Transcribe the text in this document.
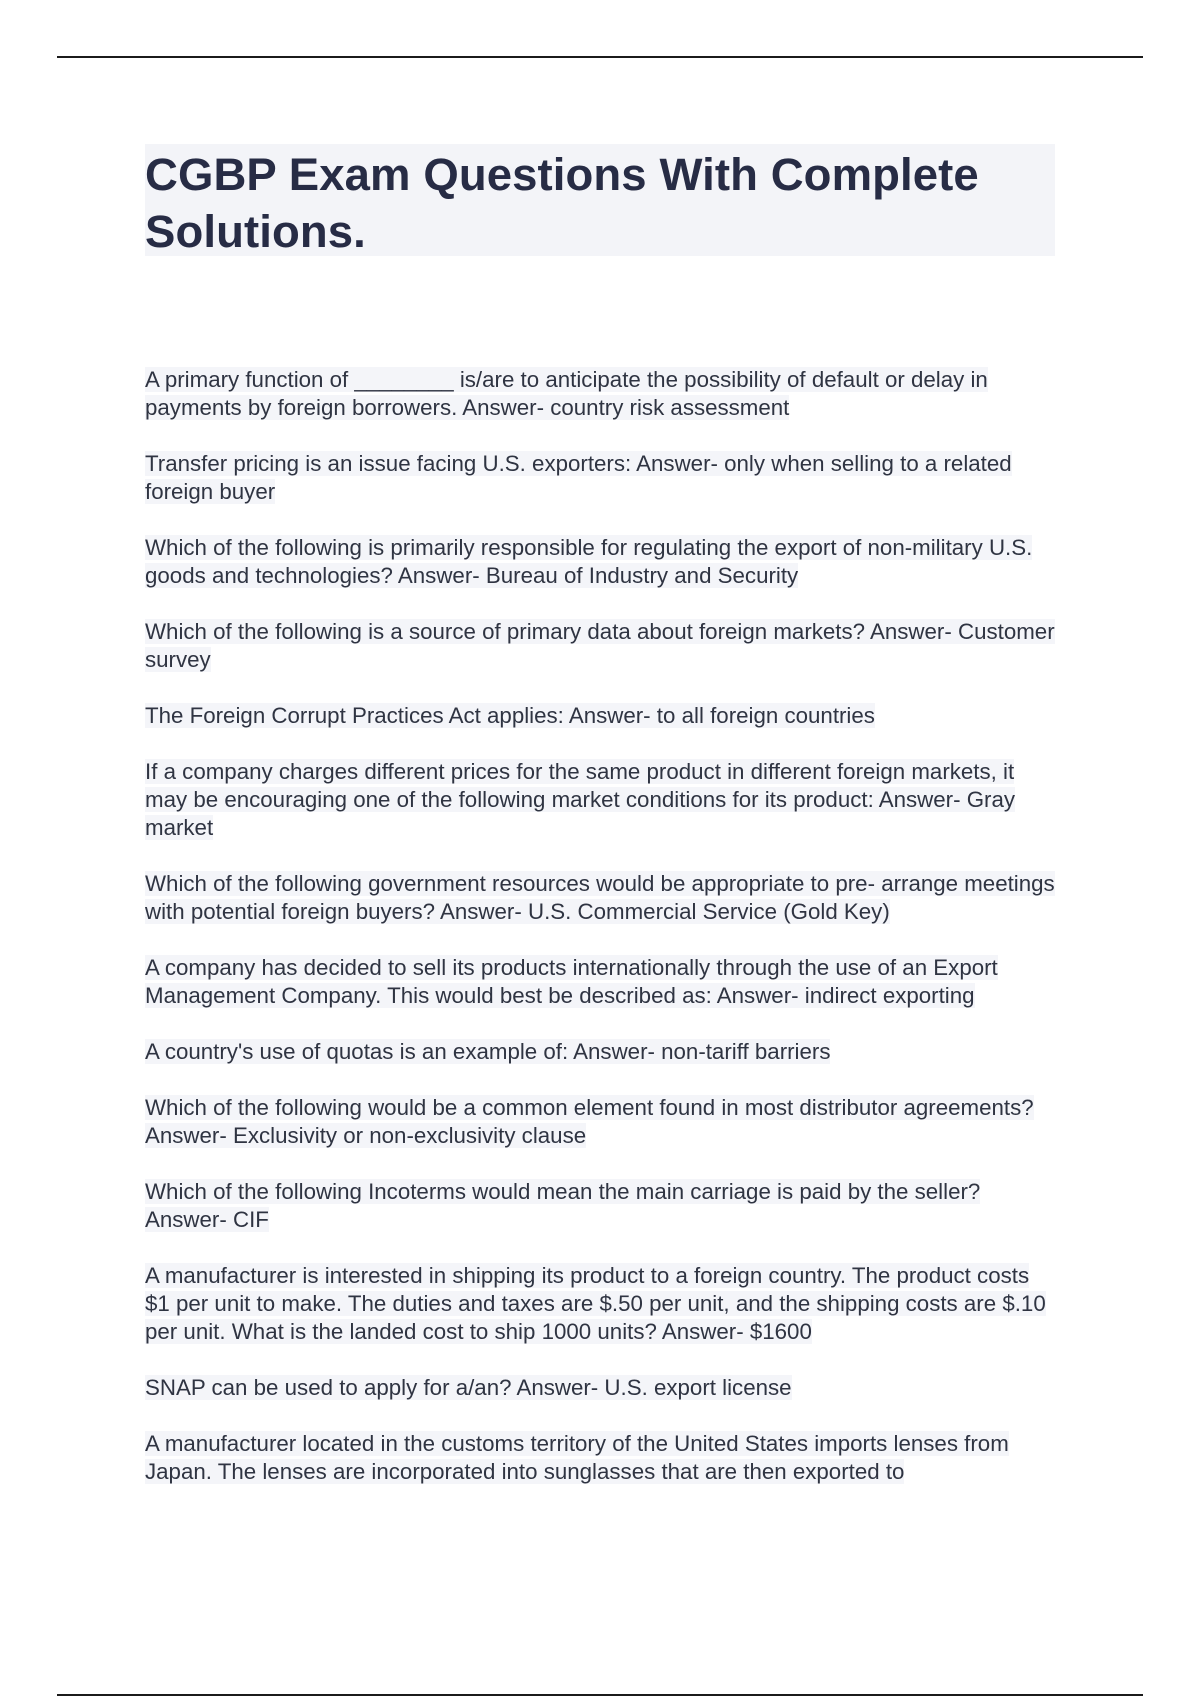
CGBP Exam Questions With Complete Solutions.
A primary function of ________ is/are to anticipate the possibility of default or delay in payments by foreign borrowers. Answer- country risk assessment
Transfer pricing is an issue facing U.S. exporters: Answer- only when selling to a related foreign buyer
Which of the following is primarily responsible for regulating the export of non-military U.S. goods and technologies? Answer- Bureau of Industry and Security
Which of the following is a source of primary data about foreign markets? Answer- Customer survey
The Foreign Corrupt Practices Act applies: Answer- to all foreign countries
If a company charges different prices for the same product in different foreign markets, it may be encouraging one of the following market conditions for its product: Answer- Gray market
Which of the following government resources would be appropriate to pre- arrange meetings with potential foreign buyers? Answer- U.S. Commercial Service (Gold Key)
A company has decided to sell its products internationally through the use of an Export Management Company. This would best be described as: Answer- indirect exporting
A country's use of quotas is an example of: Answer- non-tariff barriers
Which of the following would be a common element found in most distributor agreements? Answer- Exclusivity or non-exclusivity clause
Which of the following Incoterms would mean the main carriage is paid by the seller? Answer- CIF
A manufacturer is interested in shipping its product to a foreign country. The product costs $1 per unit to make. The duties and taxes are $.50 per unit, and the shipping costs are $.10 per unit. What is the landed cost to ship 1000 units? Answer- $1600
SNAP can be used to apply for a/an? Answer- U.S. export license
A manufacturer located in the customs territory of the United States imports lenses from Japan. The lenses are incorporated into sunglasses that are then exported to
